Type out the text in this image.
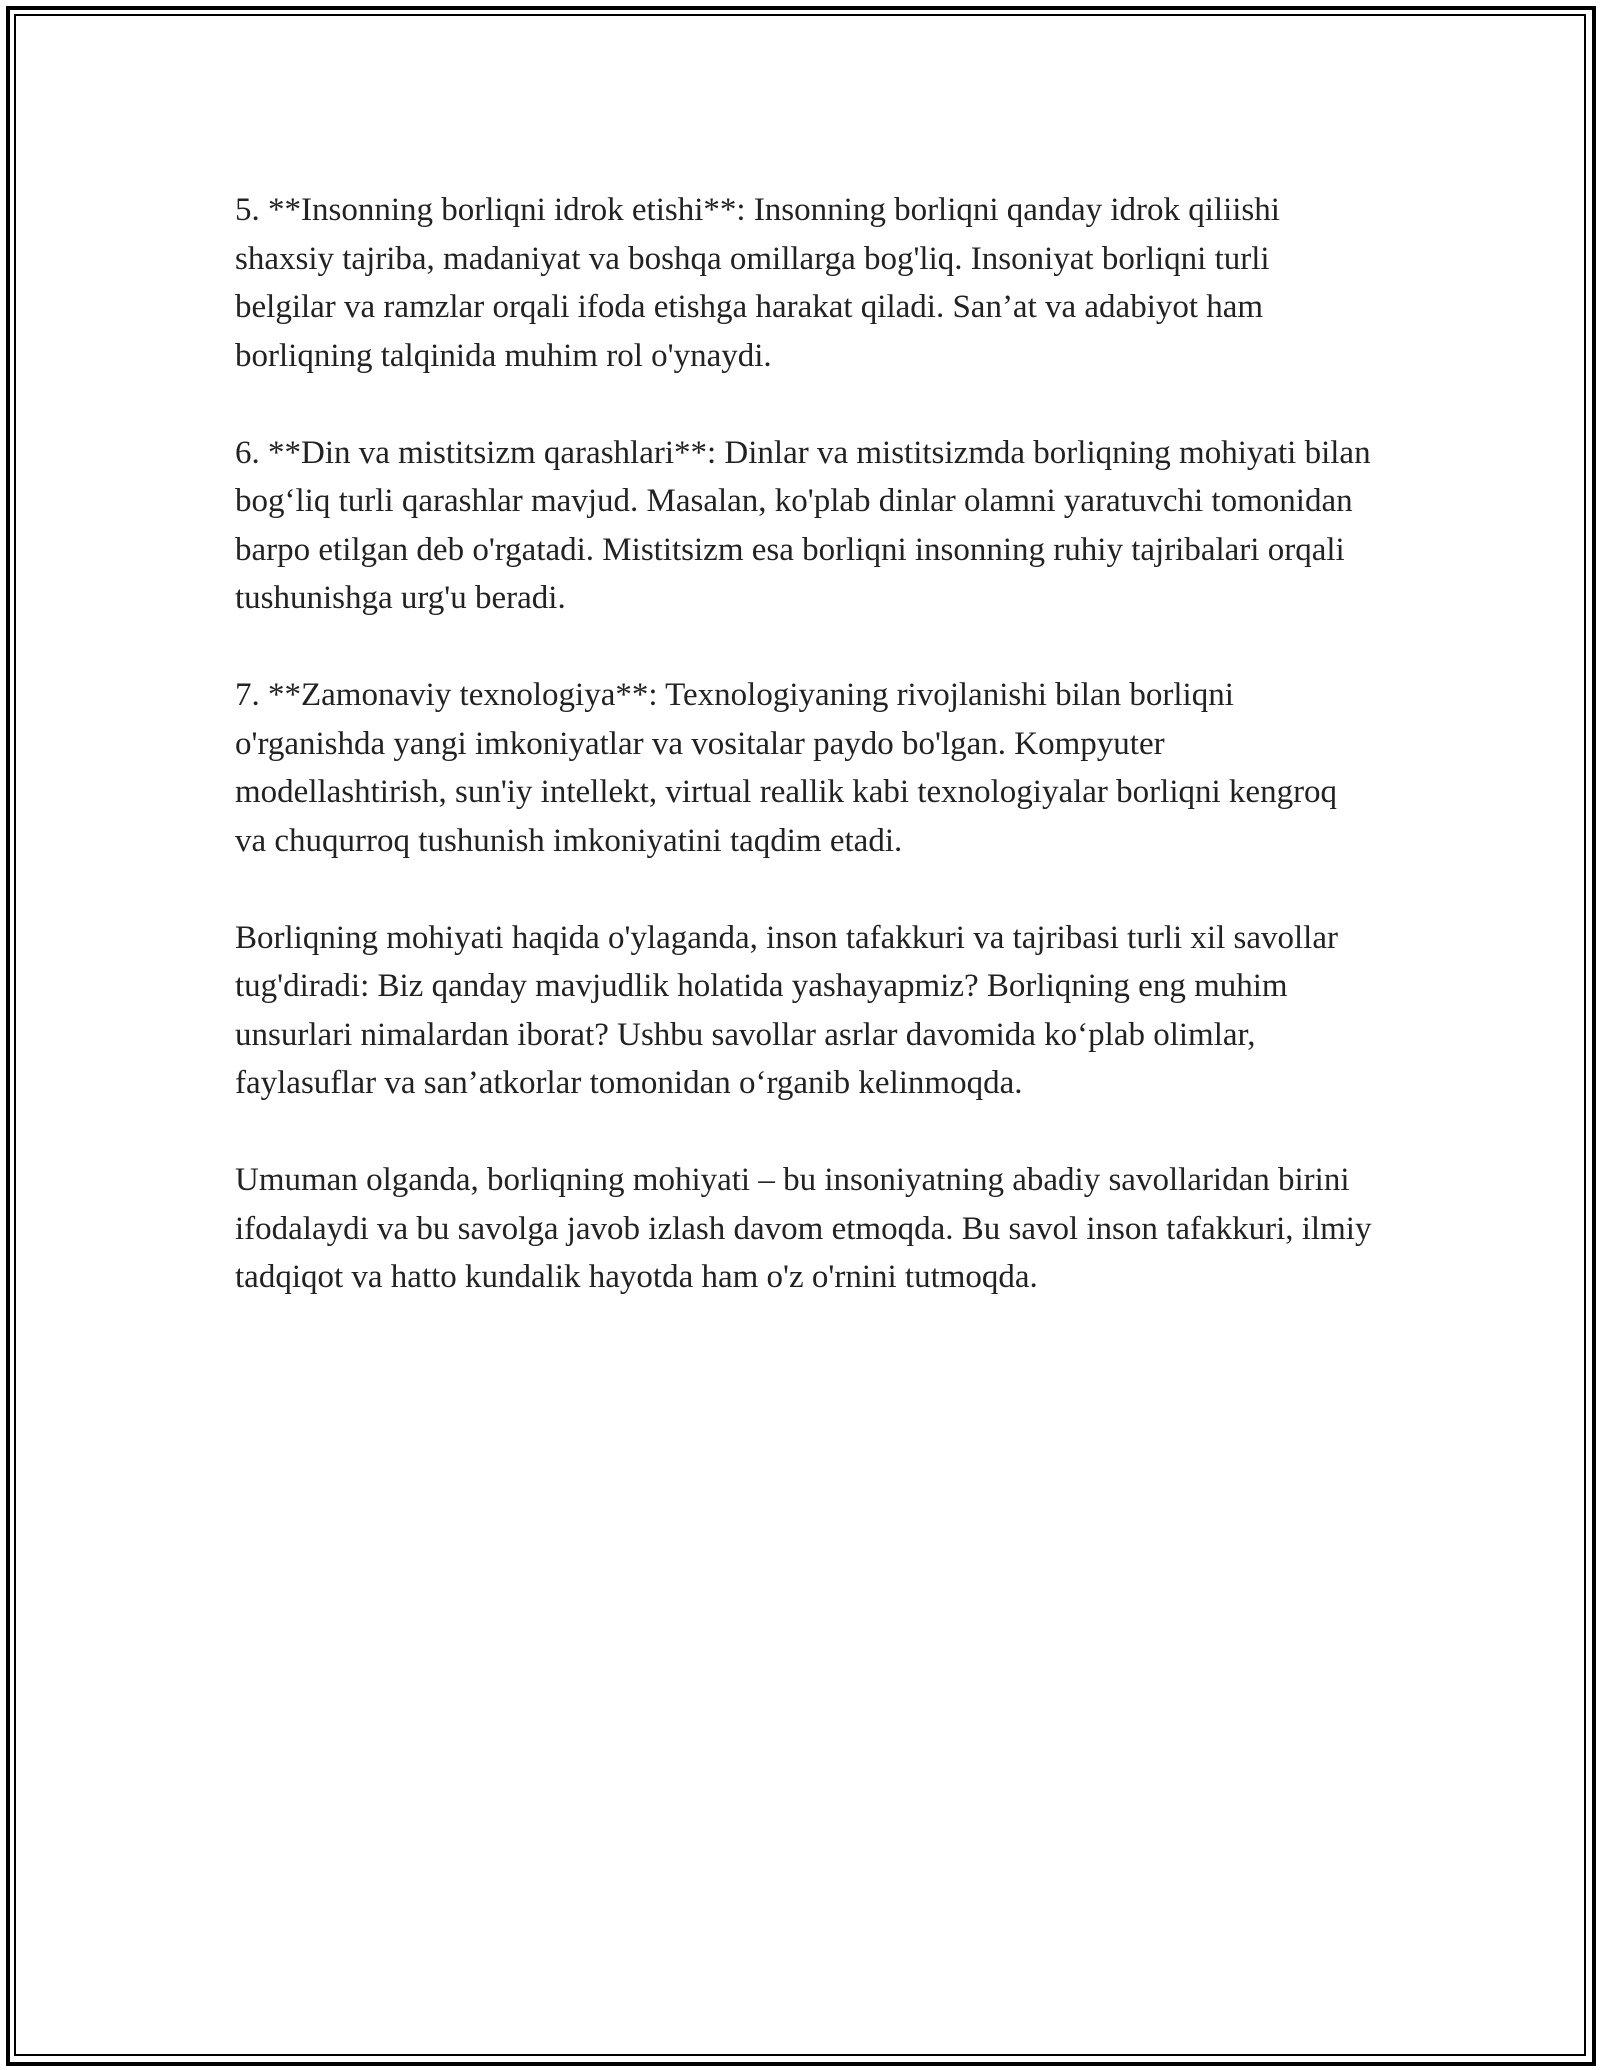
5. **Insonning borliqni idrok etishi**: Insonning borliqni qanday idrok qiliishi shaxsiy tajriba, madaniyat va boshqa omillarga bog'liq. Insoniyat borliqni turli belgilar va ramzlar orqali ifoda etishga harakat qiladi. San’at va adabiyot ham borliqning talqinida muhim rol o'ynaydi.

6. **Din va mistitsizm qarashlari**: Dinlar va mistitsizmda borliqning mohiyati bilan bog‘liq turli qarashlar mavjud. Masalan, ko'plab dinlar olamni yaratuvchi tomonidan barpo etilgan deb o'rgatadi. Mistitsizm esa borliqni insonning ruhiy tajribalari orqali tushunishga urg'u beradi.

7. **Zamonaviy texnologiya**: Texnologiyaning rivojlanishi bilan borliqni o'rganishda yangi imkoniyatlar va vositalar paydo bo'lgan. Kompyuter modellashtirish, sun'iy intellekt, virtual reallik kabi texnologiyalar borliqni kengroq va chuqurroq tushunish imkoniyatini taqdim etadi.

Borliqning mohiyati haqida o'ylaganda, inson tafakkuri va tajribasi turli xil savollar tug'diradi: Biz qanday mavjudlik holatida yashayapmiz? Borliqning eng muhim unsurlari nimalardan iborat? Ushbu savollar asrlar davomida ko‘plab olimlar, faylasuflar va san’atkorlar tomonidan o‘rganib kelinmoqda.

Umuman olganda, borliqning mohiyati – bu insoniyatning abadiy savollaridan birini ifodalaydi va bu savolga javob izlash davom etmoqda. Bu savol inson tafakkuri, ilmiy tadqiqot va hatto kundalik hayotda ham o'z o'rnini tutmoqda.
